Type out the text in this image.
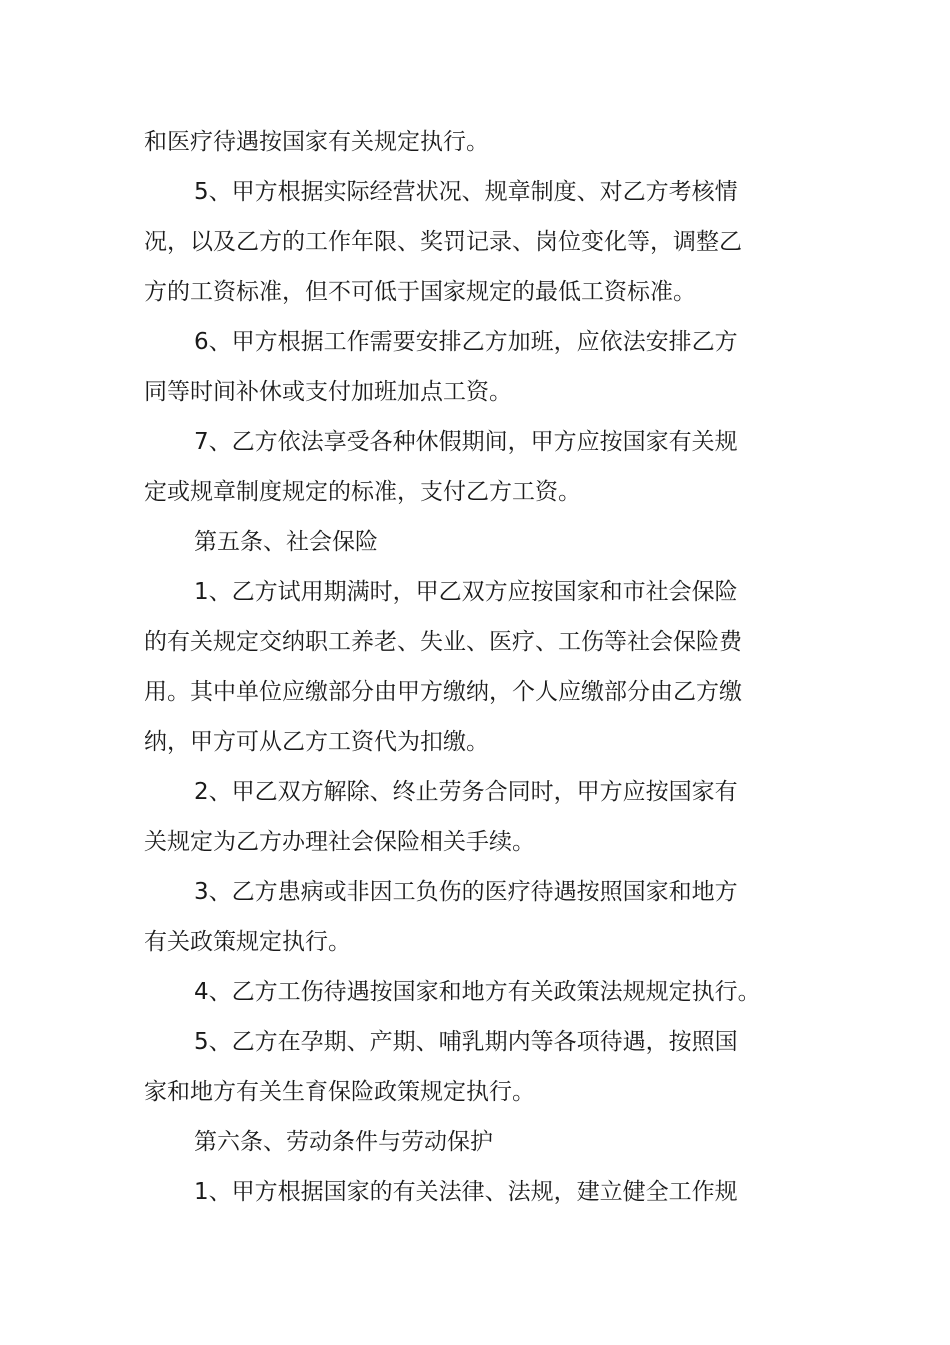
和医疗待遇按国家有关规定执行。
5、甲方根据实际经营状况、规章制度、对乙方考核情
况，以及乙方的工作年限、奖罚记录、岗位变化等，调整乙
方的工资标准，但不可低于国家规定的最低工资标准。
6、甲方根据工作需要安排乙方加班，应依法安排乙方
同等时间补休或支付加班加点工资。
7、乙方依法享受各种休假期间，甲方应按国家有关规
定或规章制度规定的标准，支付乙方工资。
第五条、社会保险
1、乙方试用期满时，甲乙双方应按国家和市社会保险
的有关规定交纳职工养老、失业、医疗、工伤等社会保险费
用。其中单位应缴部分由甲方缴纳，个人应缴部分由乙方缴
纳，甲方可从乙方工资代为扣缴。
2、甲乙双方解除、终止劳务合同时，甲方应按国家有
关规定为乙方办理社会保险相关手续。
3、乙方患病或非因工负伤的医疗待遇按照国家和地方
有关政策规定执行。
4、乙方工伤待遇按国家和地方有关政策法规规定执行。
5、乙方在孕期、产期、哺乳期内等各项待遇，按照国
家和地方有关生育保险政策规定执行。
第六条、劳动条件与劳动保护
1、甲方根据国家的有关法律、法规，建立健全工作规
